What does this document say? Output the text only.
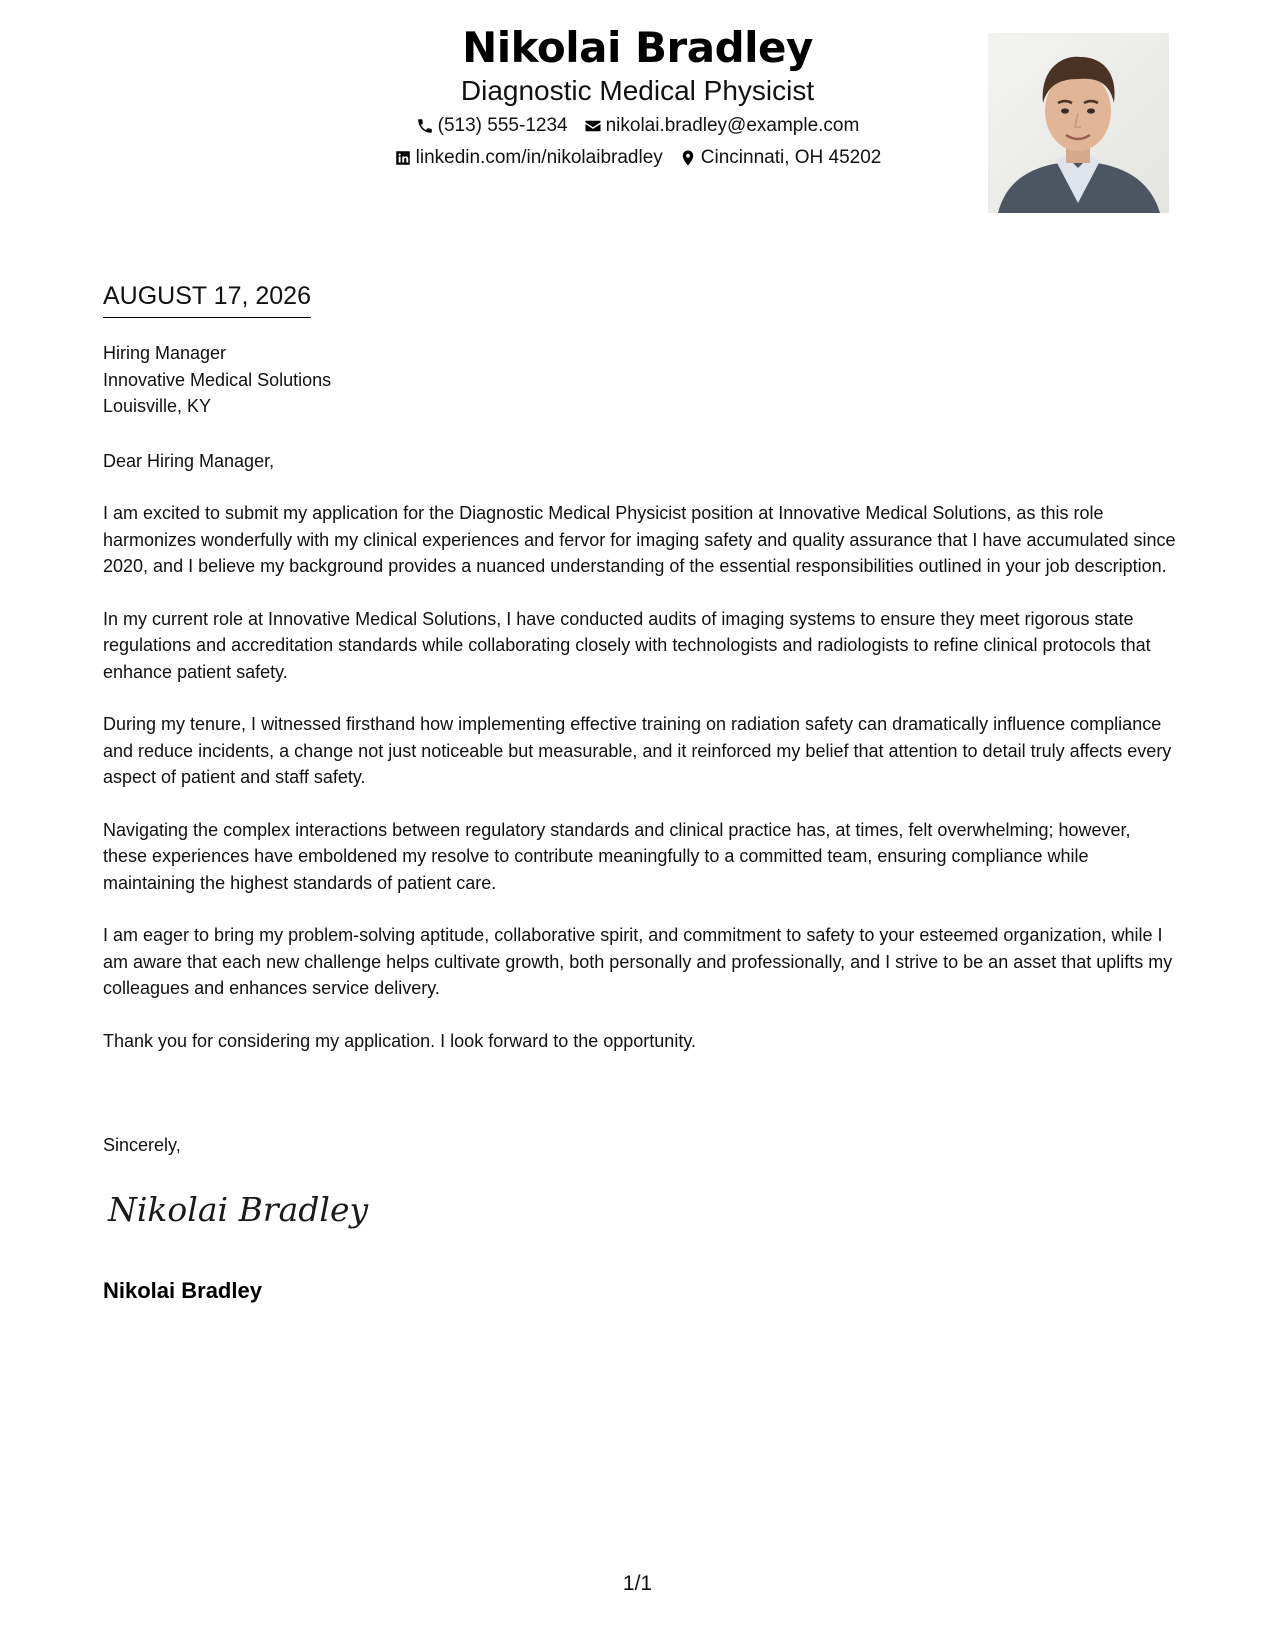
Nikolai Bradley
Diagnostic Medical Physicist
(513) 555-1234 nikolai.bradley@example.com
linkedin.com/in/nikolaibradley Cincinnati, OH 45202
AUGUST 17, 2026
Hiring Manager
Innovative Medical Solutions
Louisville, KY

Dear Hiring Manager,

I am excited to submit my application for the Diagnostic Medical Physicist position at Innovative Medical Solutions, as this role harmonizes wonderfully with my clinical experiences and fervor for imaging safety and quality assurance that I have accumulated since 2020, and I believe my background provides a nuanced understanding of the essential responsibilities outlined in your job description.

In my current role at Innovative Medical Solutions, I have conducted audits of imaging systems to ensure they meet rigorous state regulations and accreditation standards while collaborating closely with technologists and radiologists to refine clinical protocols that enhance patient safety.

During my tenure, I witnessed firsthand how implementing effective training on radiation safety can dramatically influence compliance and reduce incidents, a change not just noticeable but measurable, and it reinforced my belief that attention to detail truly affects every aspect of patient and staff safety.

Navigating the complex interactions between regulatory standards and clinical practice has, at times, felt overwhelming; however, these experiences have emboldened my resolve to contribute meaningfully to a committed team, ensuring compliance while maintaining the highest standards of patient care.

I am eager to bring my problem-solving aptitude, collaborative spirit, and commitment to safety to your esteemed organization, while I am aware that each new challenge helps cultivate growth, both personally and professionally, and I strive to be an asset that uplifts my colleagues and enhances service delivery.

Thank you for considering my application. I look forward to the opportunity.

Sincerely,
Nikolai Bradley
Nikolai Bradley
1/1
